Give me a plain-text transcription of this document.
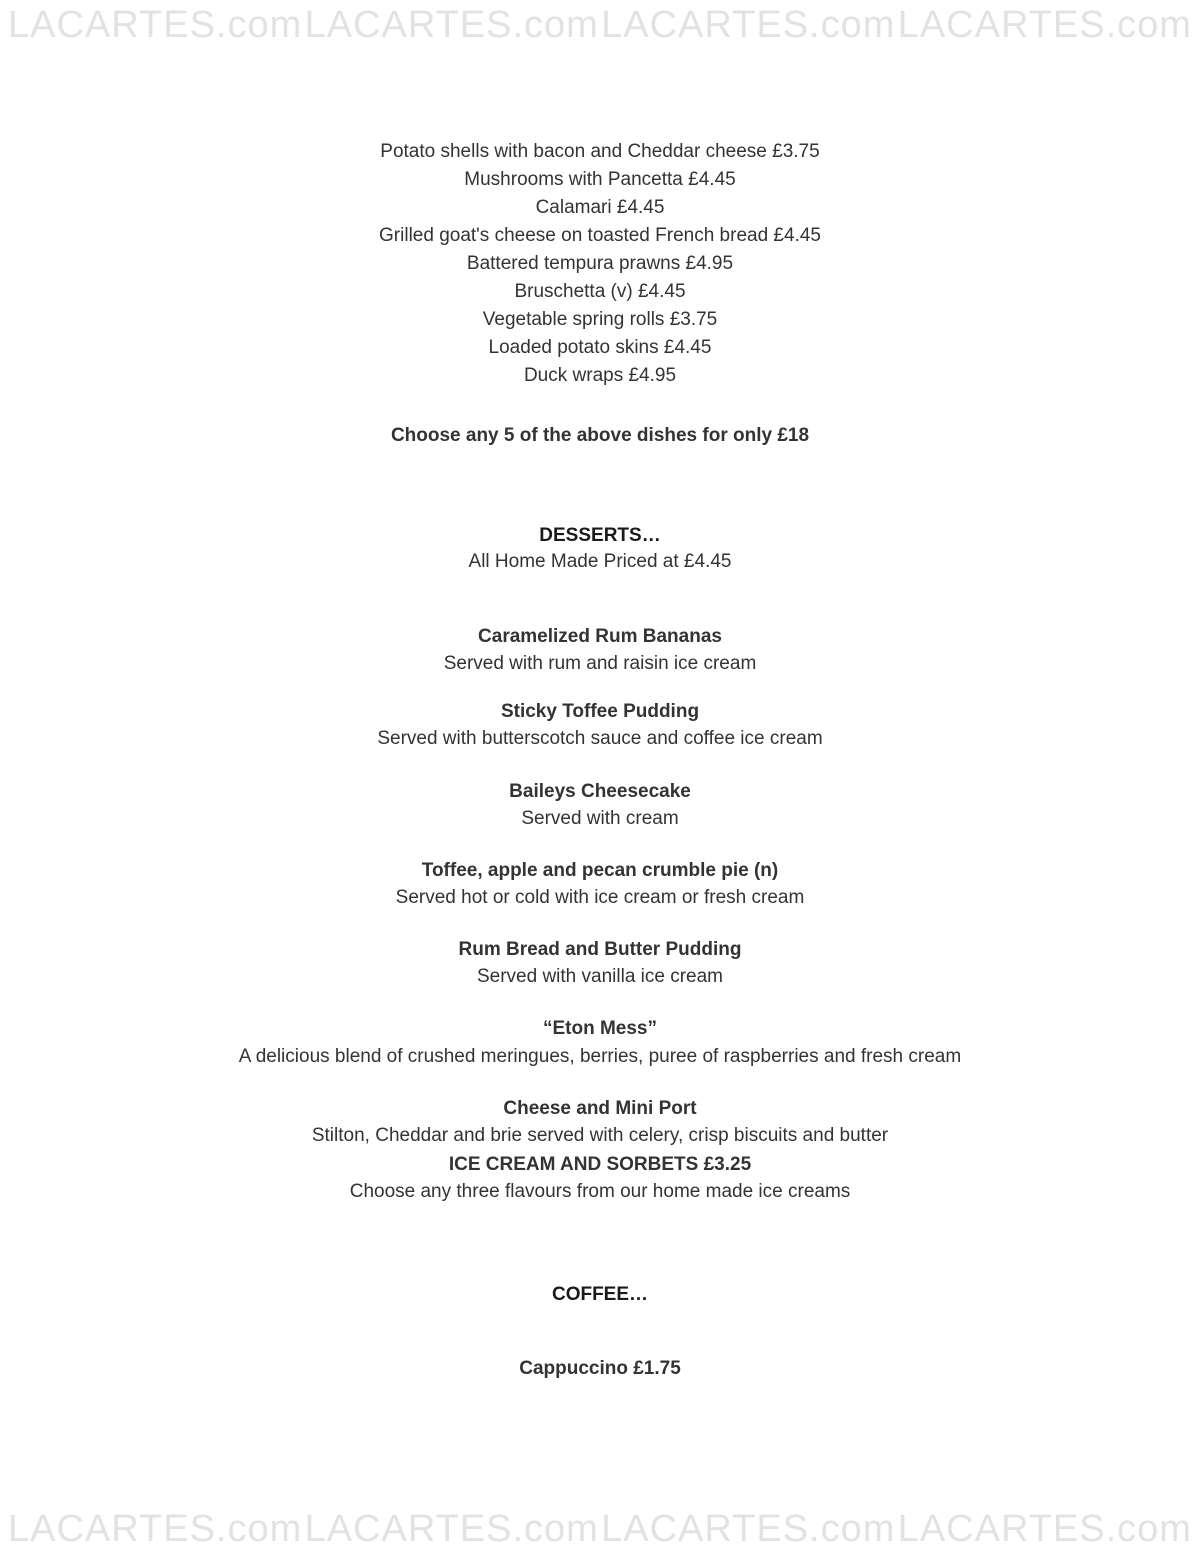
LACARTES.com LACARTES.com LACARTES.com LACARTES.com
Potato shells with bacon and Cheddar cheese £3.75
Mushrooms with Pancetta £4.45
Calamari £4.45
Grilled goat's cheese on toasted French bread £4.45
Battered tempura prawns £4.95
Bruschetta (v) £4.45
Vegetable spring rolls £3.75
Loaded potato skins £4.45
Duck wraps £4.95
Choose any 5 of the above dishes for only £18
DESSERTS…
All Home Made Priced at £4.45
Caramelized Rum Bananas
Served with rum and raisin ice cream
Sticky Toffee Pudding
Served with butterscotch sauce and coffee ice cream
Baileys Cheesecake
Served with cream
Toffee, apple and pecan crumble pie (n)
Served hot or cold with ice cream or fresh cream
Rum Bread and Butter Pudding
Served with vanilla ice cream
“Eton Mess”
A delicious blend of crushed meringues, berries, puree of raspberries and fresh cream
Cheese and Mini Port
Stilton, Cheddar and brie served with celery, crisp biscuits and butter
ICE CREAM AND SORBETS £3.25
Choose any three flavours from our home made ice creams
COFFEE…
Cappuccino £1.75
LACARTES.com LACARTES.com LACARTES.com LACARTES.com
